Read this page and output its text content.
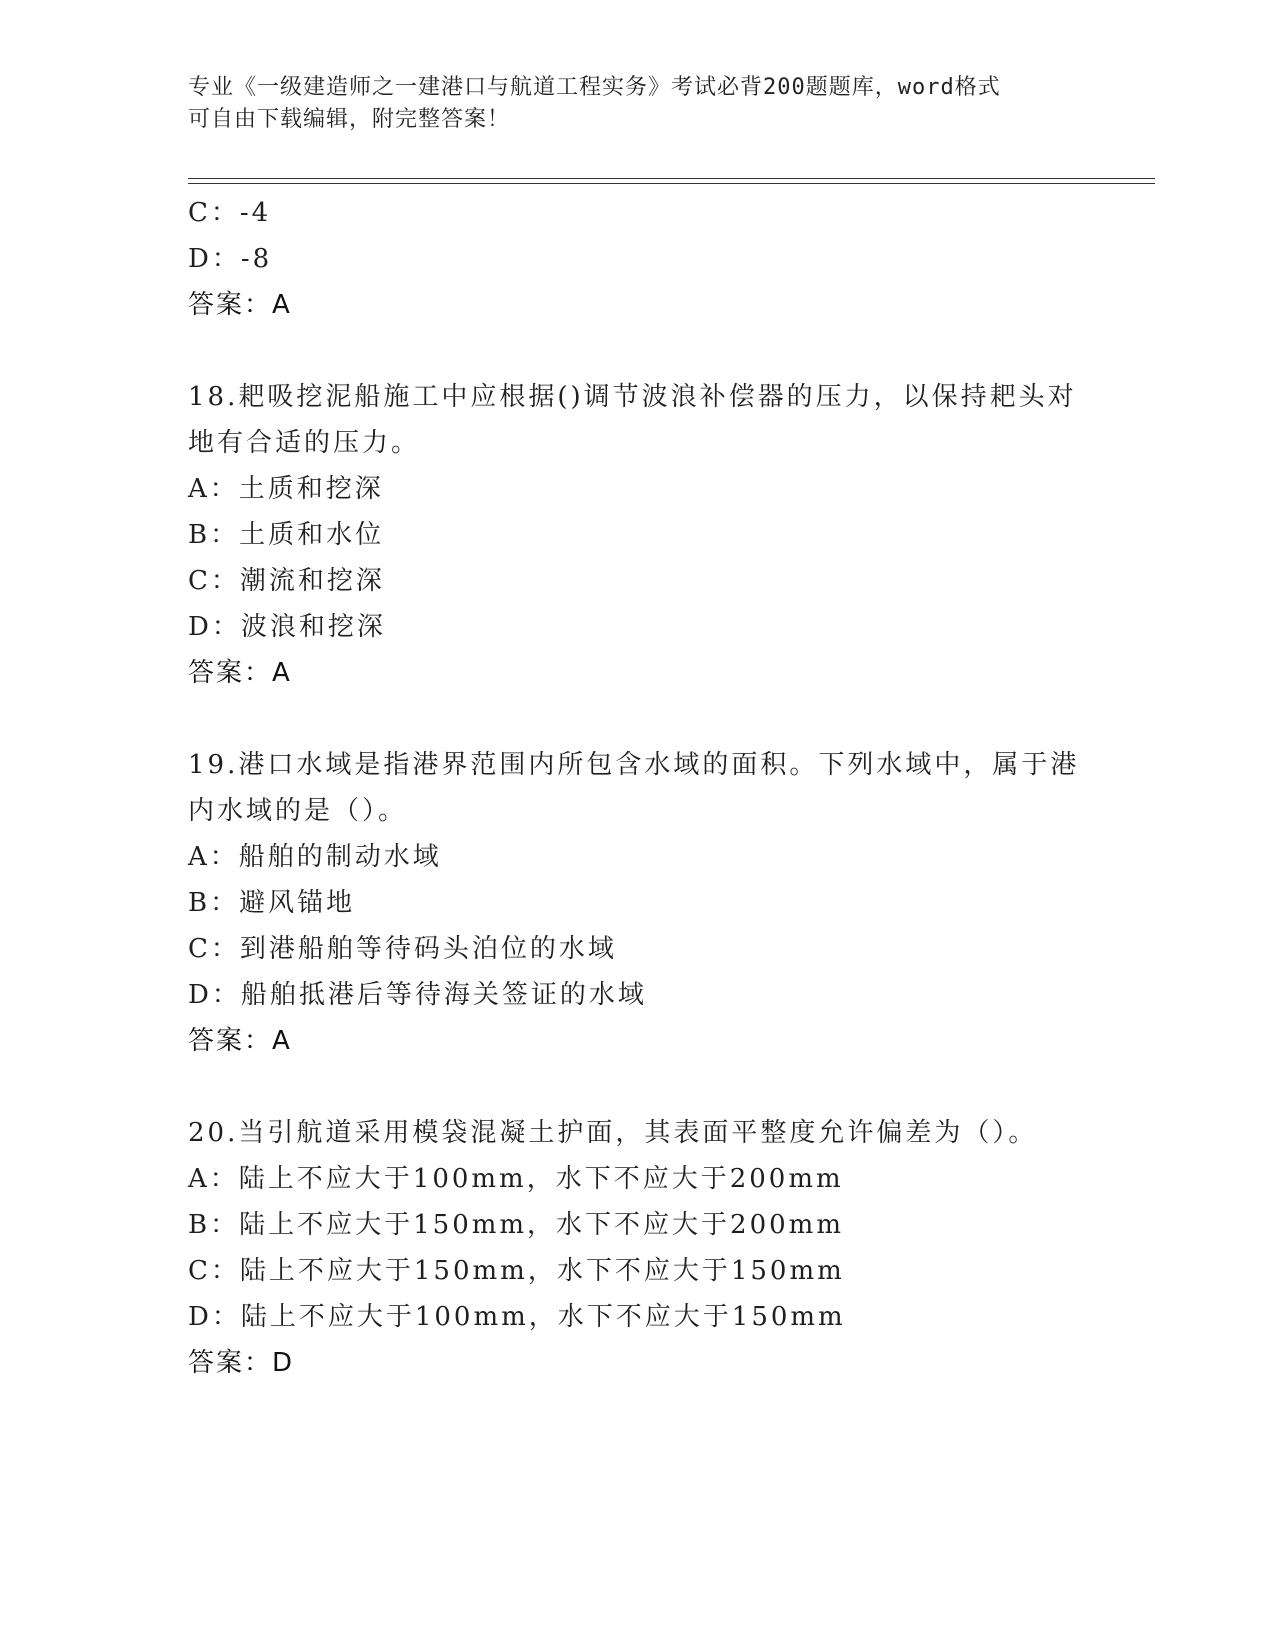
专业《一级建造师之一建港口与航道工程实务》考试必背200题题库，word格式
可自由下载编辑，附完整答案！
C：-4
D：-8
答案：A
18.耙吸挖泥船施工中应根据()调节波浪补偿器的压力，以保持耙头对
地有合适的压力。
A：土质和挖深
B：土质和水位
C：潮流和挖深
D：波浪和挖深
答案：A
19.港口水域是指港界范围内所包含水域的面积。下列水域中，属于港
内水域的是（）。
A：船舶的制动水域
B：避风锚地
C：到港船舶等待码头泊位的水域
D：船舶抵港后等待海关签证的水域
答案：A
20.当引航道采用模袋混凝土护面，其表面平整度允许偏差为（）。
A：陆上不应大于100mm，水下不应大于200mm
B：陆上不应大于150mm，水下不应大于200mm
C：陆上不应大于150mm，水下不应大于150mm
D：陆上不应大于100mm，水下不应大于150mm
答案：D
